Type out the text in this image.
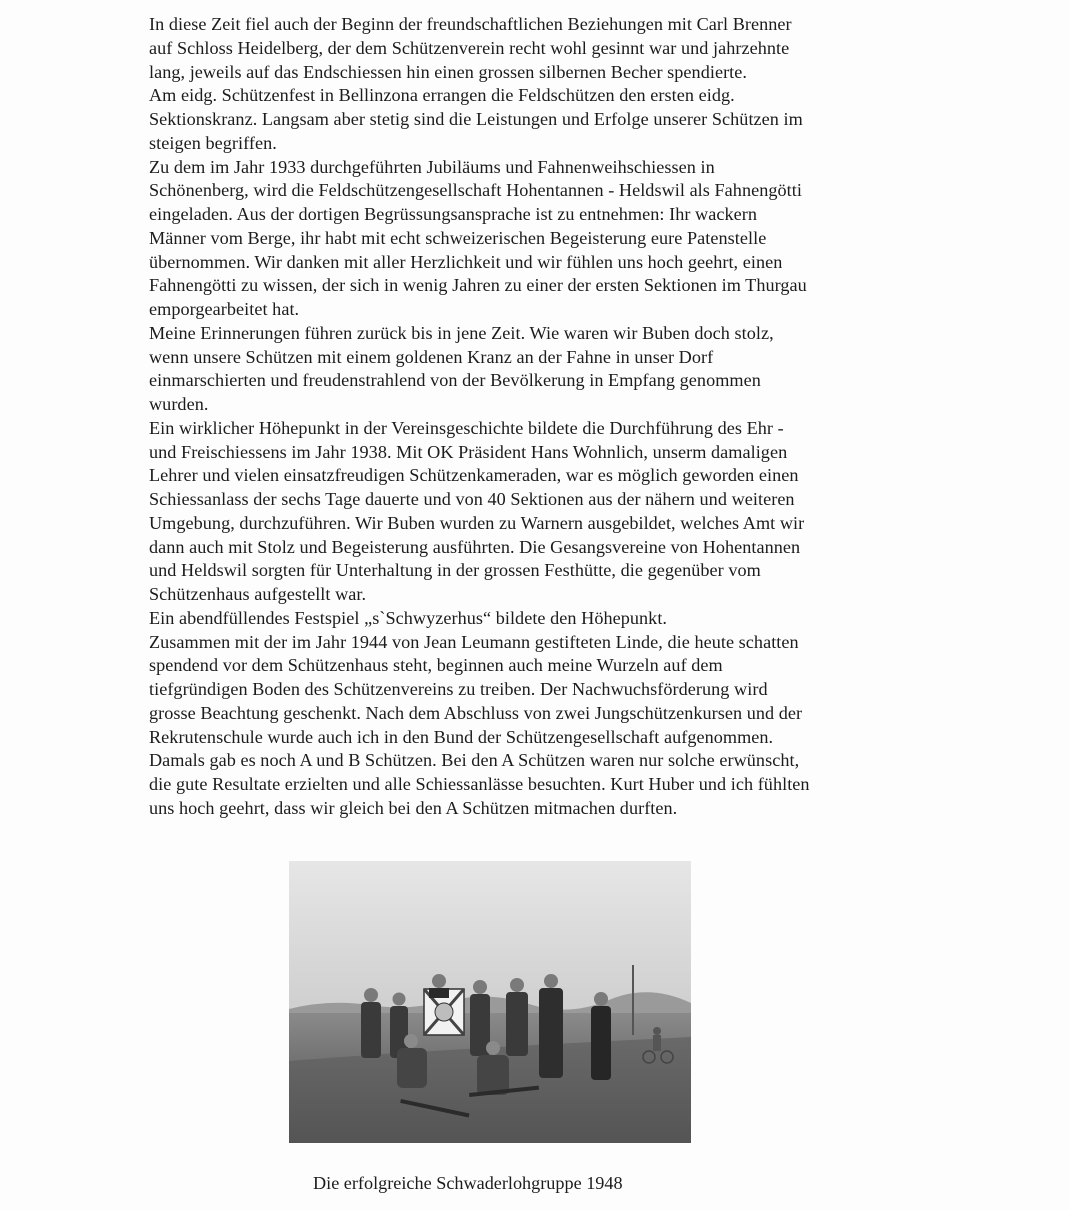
In diese Zeit fiel auch der Beginn der freundschaftlichen Beziehungen mit Carl Brenner
auf Schloss Heidelberg, der dem Schützenverein recht wohl gesinnt war und jahrzehnte
lang, jeweils auf das Endschiessen hin einen grossen silbernen Becher spendierte.
Am eidg. Schützenfest in Bellinzona errangen die Feldschützen den ersten eidg.
Sektionskranz. Langsam aber stetig sind die Leistungen und Erfolge unserer Schützen im
steigen begriffen.
Zu dem im Jahr 1933 durchgeführten Jubiläums und Fahnenweihschiessen in
Schönenberg, wird die Feldschützengesellschaft Hohentannen - Heldswil als Fahnengötti
eingeladen. Aus der dortigen Begrüssungsansprache ist zu entnehmen: Ihr wackern
Männer vom Berge, ihr habt mit echt schweizerischen Begeisterung eure Patenstelle
übernommen. Wir danken mit aller Herzlichkeit und wir fühlen uns hoch geehrt, einen
Fahnengötti zu wissen, der sich in wenig Jahren zu einer der ersten Sektionen im Thurgau
emporgearbeitet hat.
Meine Erinnerungen führen zurück bis in jene Zeit. Wie waren wir Buben doch stolz,
wenn unsere Schützen mit einem goldenen Kranz an der Fahne in unser Dorf
einmarschierten und freudenstrahlend von der Bevölkerung in Empfang genommen
wurden.
Ein wirklicher Höhepunkt in der Vereinsgeschichte bildete die Durchführung des Ehr -
und Freischiessens im Jahr 1938. Mit OK Präsident Hans Wohnlich, unserm damaligen
Lehrer und vielen einsatzfreudigen Schützenkameraden, war es möglich geworden einen
Schiessanlass der sechs Tage dauerte und von 40 Sektionen aus der nähern und weiteren
Umgebung, durchzuführen. Wir Buben wurden zu Warnern ausgebildet, welches Amt wir
dann auch mit Stolz und Begeisterung ausführten. Die Gesangsvereine von Hohentannen
und Heldswil sorgten für Unterhaltung in der grossen Festhütte, die gegenüber vom
Schützenhaus aufgestellt war.
Ein abendfüllendes Festspiel „s`Schwyzerhus“ bildete den Höhepunkt.
Zusammen mit der im Jahr 1944 von Jean Leumann gestifteten Linde, die heute schatten
spendend vor dem Schützenhaus steht, beginnen auch meine Wurzeln auf dem
tiefgründigen Boden des Schützenvereins zu treiben. Der Nachwuchsförderung wird
grosse Beachtung geschenkt. Nach dem Abschluss von zwei Jungschützenkursen und der
Rekrutenschule wurde auch ich in den Bund der Schützengesellschaft aufgenommen.
Damals gab es noch A und B Schützen. Bei den A Schützen waren nur solche erwünscht,
die gute Resultate erzielten und alle Schiessanlässe besuchten. Kurt Huber und ich fühlten
uns hoch geehrt, dass wir gleich bei den A Schützen mitmachen durften.
Die erfolgreiche Schwaderlohgruppe 1948
